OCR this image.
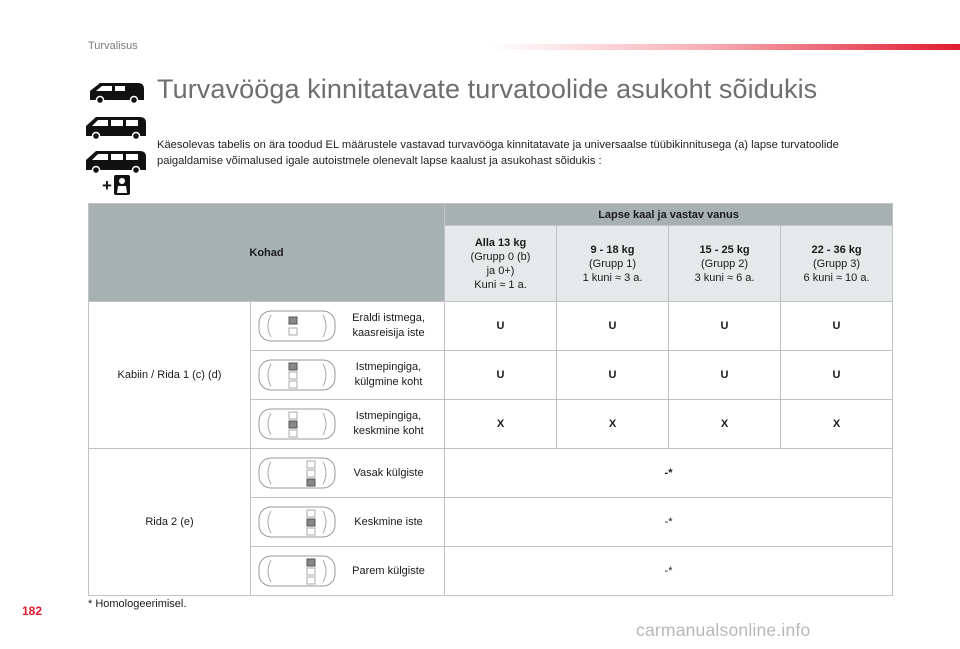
Turvalisus
+
Turvavööga kinnitatavate turvatoolide asukoht sõidukis
Käesolevas tabelis on ära toodud EL määrustele vastavad turvavööga kinnitatavate ja universaalse tüübikinnitusega (a) lapse turvatoolide paigaldamise võimalused igale autoistmele olenevalt lapse kaalust ja asukohast sõidukis :
Kohad		Lapse kaal ja vastav vanus			
		Alla 13 kg
(Grupp 0 (b)
ja 0+)
Kuni ≈ 1 a.	9 - 18 kg
(Grupp 1)
1 kuni ≈ 3 a.	15 - 25 kg
(Grupp 2)
3 kuni ≈ 6 a.	22 - 36 kg
(Grupp 3)
6 kuni ≈ 10 a.
Kabiin / Rida 1 (c) (d)	Eraldi istmega,
kaasreisija iste	U	U	U	U

	Istmepingiga,
külgmine koht	U	U	U	U

	Istmepingiga,
keskmine koht	X	X	X	X
Rida 2 (e)	Vasak külgiste	-*			

	Keskmine iste	-*			

	Parem külgiste	-*			
* Homologeerimisel.
182
carmanualsonline.info
